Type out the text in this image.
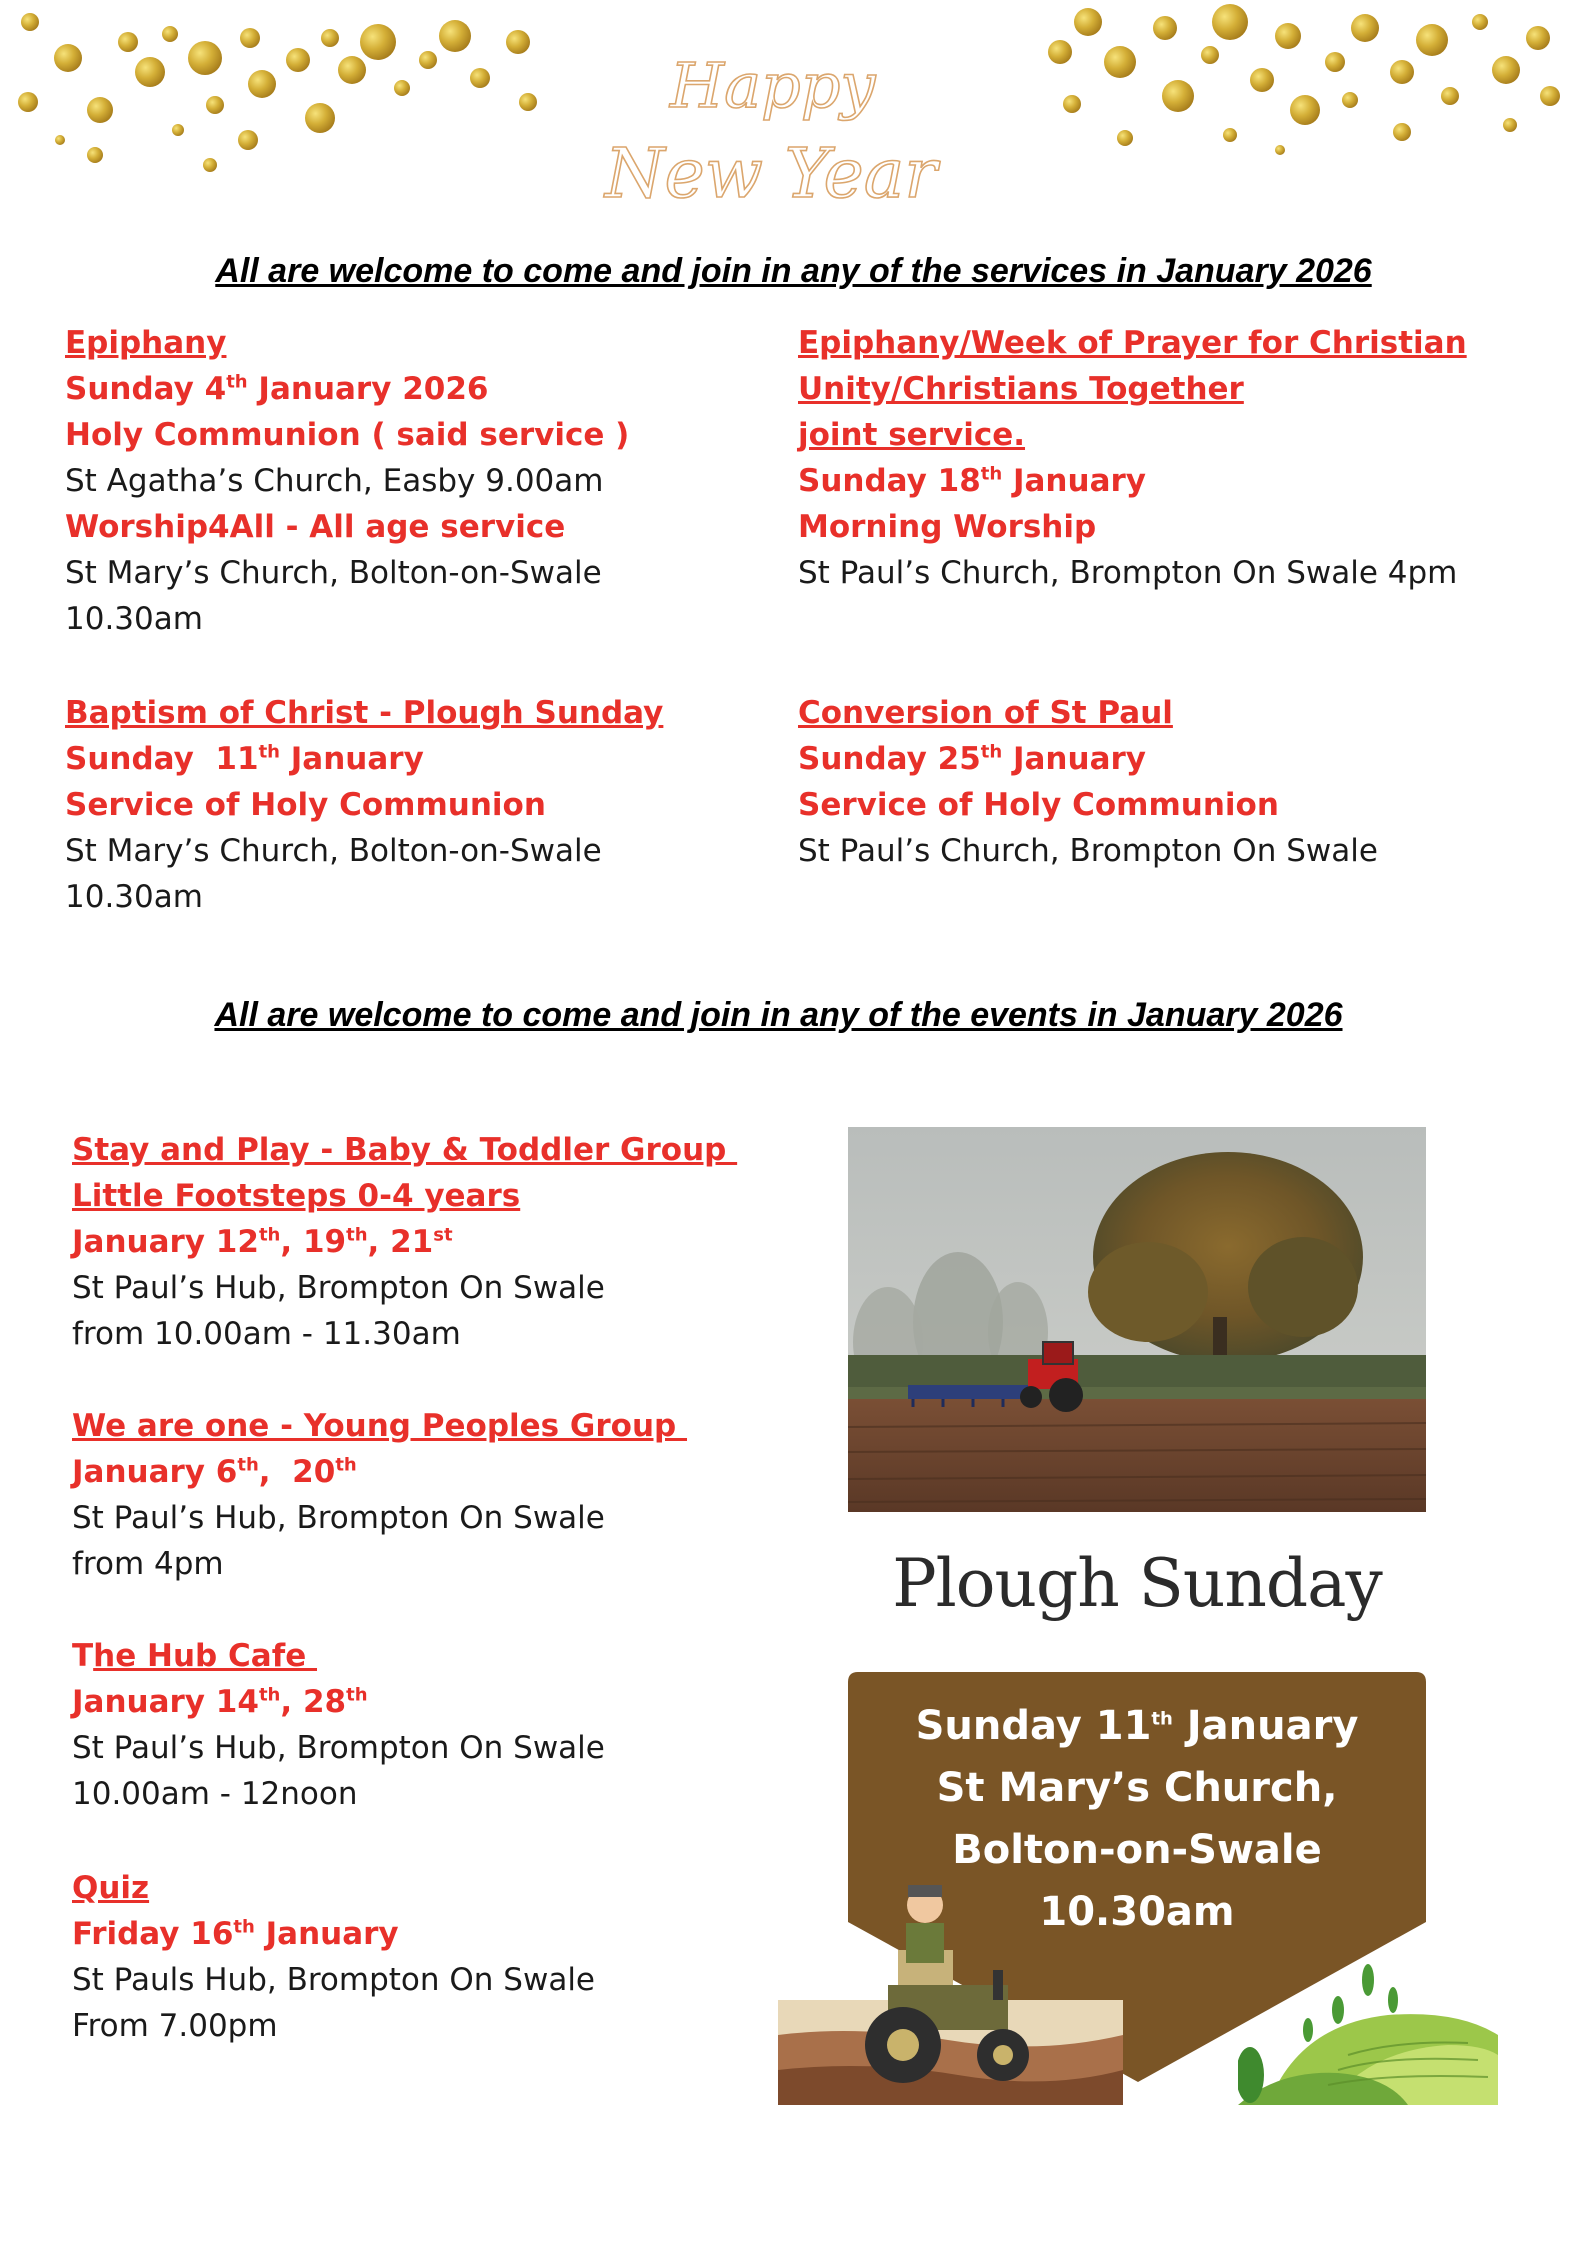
Happy
New Year
All are welcome to come and join in any of the services in January 2026
Epiphany
Sunday 4th January 2026
Holy Communion ( said service )
St Agatha’s Church, Easby 9.00am
Worship4All - All age service
St Mary’s Church, Bolton-on-Swale
10.30am
Epiphany/Week of Prayer for Christian
Unity/Christians Together
joint service.
Sunday 18th January
Morning Worship
St Paul’s Church, Brompton On Swale 4pm
Baptism of Christ - Plough Sunday
Sunday  11th January
Service of Holy Communion
St Mary’s Church, Bolton-on-Swale
10.30am
Conversion of St Paul
Sunday 25th January
Service of Holy Communion
St Paul’s Church, Brompton On Swale
All are welcome to come and join in any of the events in January 2026
Stay and Play - Baby & Toddler Group
Little Footsteps 0-4 years
January 12th, 19th, 21st
St Paul’s Hub, Brompton On Swale
from 10.00am - 11.30am
We are one - Young Peoples Group
January 6th,  20th
St Paul’s Hub, Brompton On Swale
from 4pm
The Hub Cafe
January 14th, 28th
St Paul’s Hub, Brompton On Swale
10.00am - 12noon
Quiz
Friday 16th January
St Pauls Hub, Brompton On Swale
From 7.00pm
Plough Sunday
Sunday 11th January
St Mary’s Church,
Bolton-on-Swale
10.30am
